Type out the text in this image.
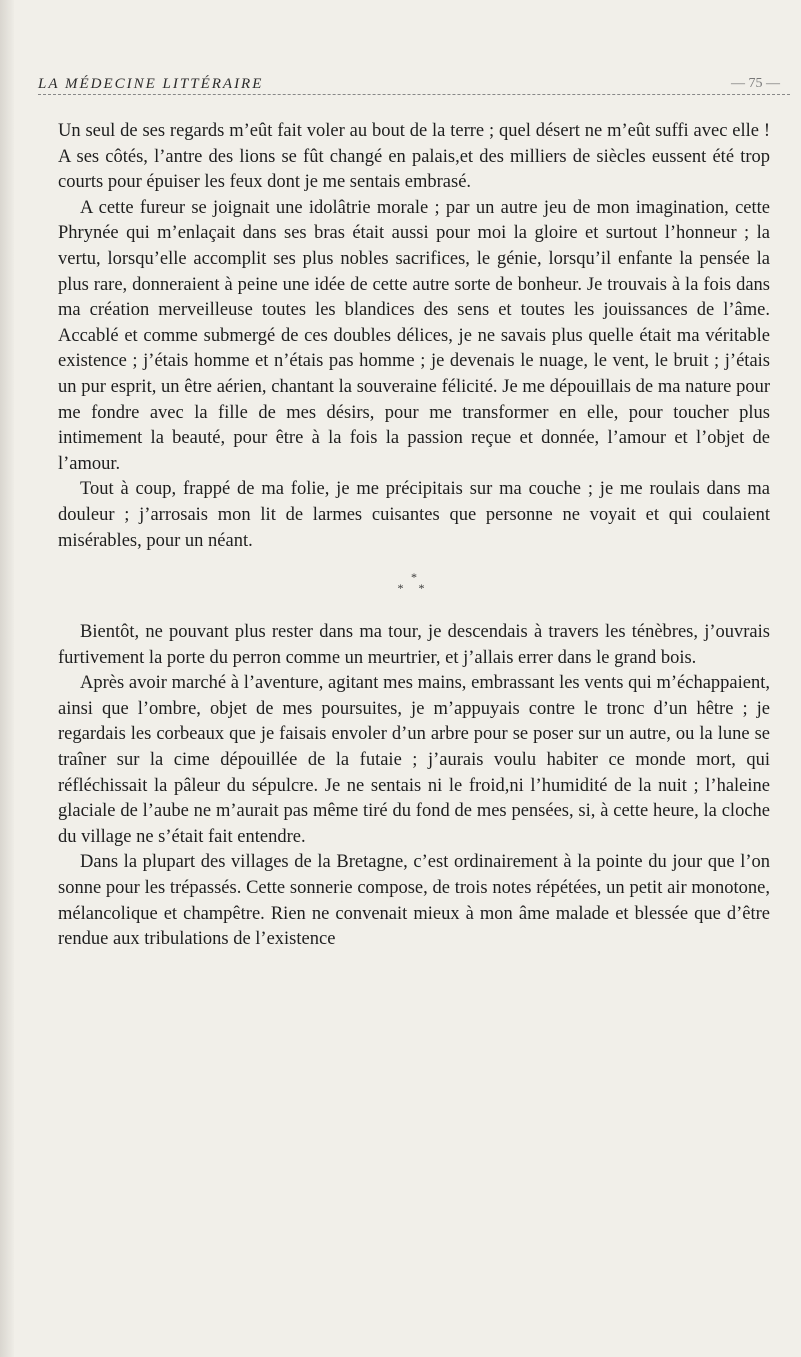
LA MÉDECINE LITTÉRAIRE	— 75 —

Un seul de ses regards m’eût fait voler au bout de la terre ; quel désert ne m’eût suffi avec elle ! A ses côtés, l’antre des lions se fût changé en palais,et des milliers de siècles eussent été trop courts pour épuiser les feux dont je me sentais embrasé.

A cette fureur se joignait une idolâtrie morale ; par un autre jeu de mon imagination, cette Phrynée qui m’enlaçait dans ses bras était aussi pour moi la gloire et surtout l’honneur ; la vertu, lorsqu’elle accomplit ses plus nobles sacrifices, le génie, lorsqu’il enfante la pensée la plus rare, donneraient à peine une idée de cette autre sorte de bonheur. Je trouvais à la fois dans ma création merveilleuse toutes les blandices des sens et toutes les jouissances de l’âme. Accablé et comme submergé de ces doubles délices, je ne savais plus quelle était ma véritable existence ; j’étais homme et n’étais pas homme ; je devenais le nuage, le vent, le bruit ; j’étais un pur esprit, un être aérien, chantant la souveraine félicité. Je me dépouillais de ma nature pour me fondre avec la fille de mes désirs, pour me transformer en elle, pour toucher plus intimement la beauté, pour être à la fois la passion reçue et donnée, l’amour et l’objet de l’amour.

Tout à coup, frappé de ma folie, je me précipitais sur ma couche ; je me roulais dans ma douleur ; j’arrosais mon lit de larmes cuisantes que personne ne voyait et qui coulaient misérables, pour un néant.

*
* *

Bientôt, ne pouvant plus rester dans ma tour, je descendais à travers les ténèbres, j’ouvrais furtivement la porte du perron comme un meurtrier, et j’allais errer dans le grand bois.

Après avoir marché à l’aventure, agitant mes mains, embrassant les vents qui m’échappaient, ainsi que l’ombre, objet de mes poursuites, je m’appuyais contre le tronc d’un hêtre ; je regardais les corbeaux que je faisais envoler d’un arbre pour se poser sur un autre, ou la lune se traîner sur la cime dépouillée de la futaie ; j’aurais voulu habiter ce monde mort, qui réfléchissait la pâleur du sépulcre. Je ne sentais ni le froid,ni l’humidité de la nuit ; l’haleine glaciale de l’aube ne m’aurait pas même tiré du fond de mes pensées, si, à cette heure, la cloche du village ne s’était fait entendre.

Dans la plupart des villages de la Bretagne, c’est ordinairement à la pointe du jour que l’on sonne pour les trépassés. Cette sonnerie compose, de trois notes répétées, un petit air monotone, mélancolique et champêtre. Rien ne convenait mieux à mon âme malade et blessée que d’être rendue aux tribulations de l’existence
